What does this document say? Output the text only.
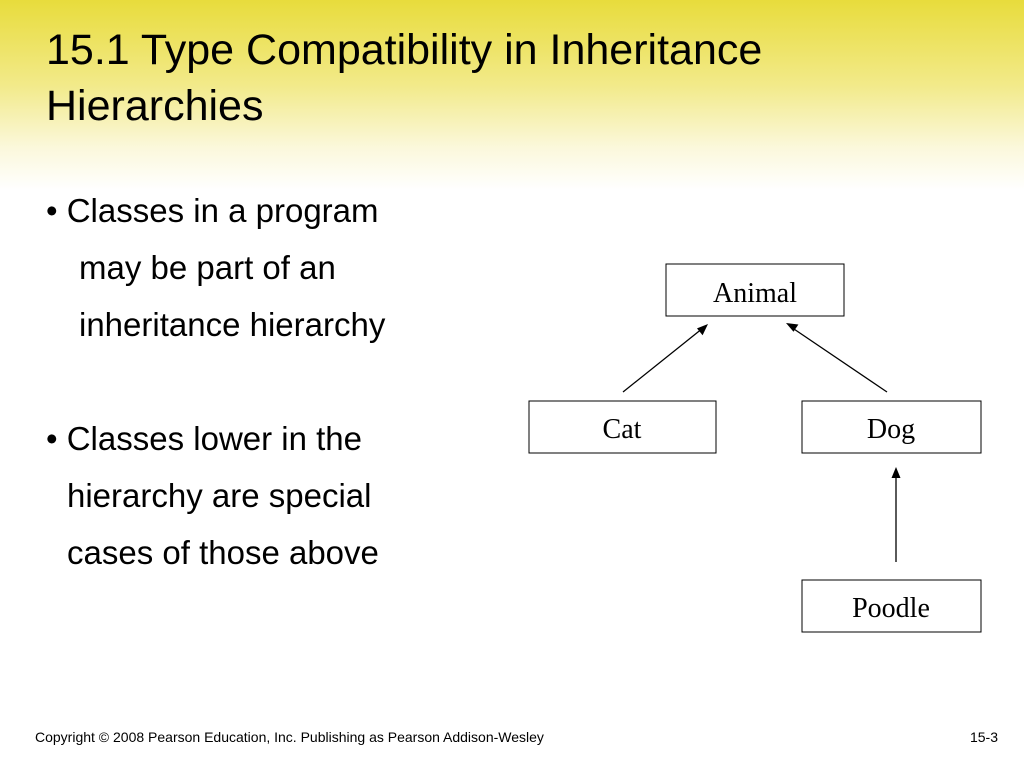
15.1 Type Compatibility in Inheritance
Hierarchies
• Classes in a program
may be part of an
inheritance hierarchy
• Classes lower in the
hierarchy are special
cases of those above
Animal
Cat	Dog
Poodle
Copyright © 2008 Pearson Education, Inc. Publishing as Pearson Addison-Wesley	15-3
